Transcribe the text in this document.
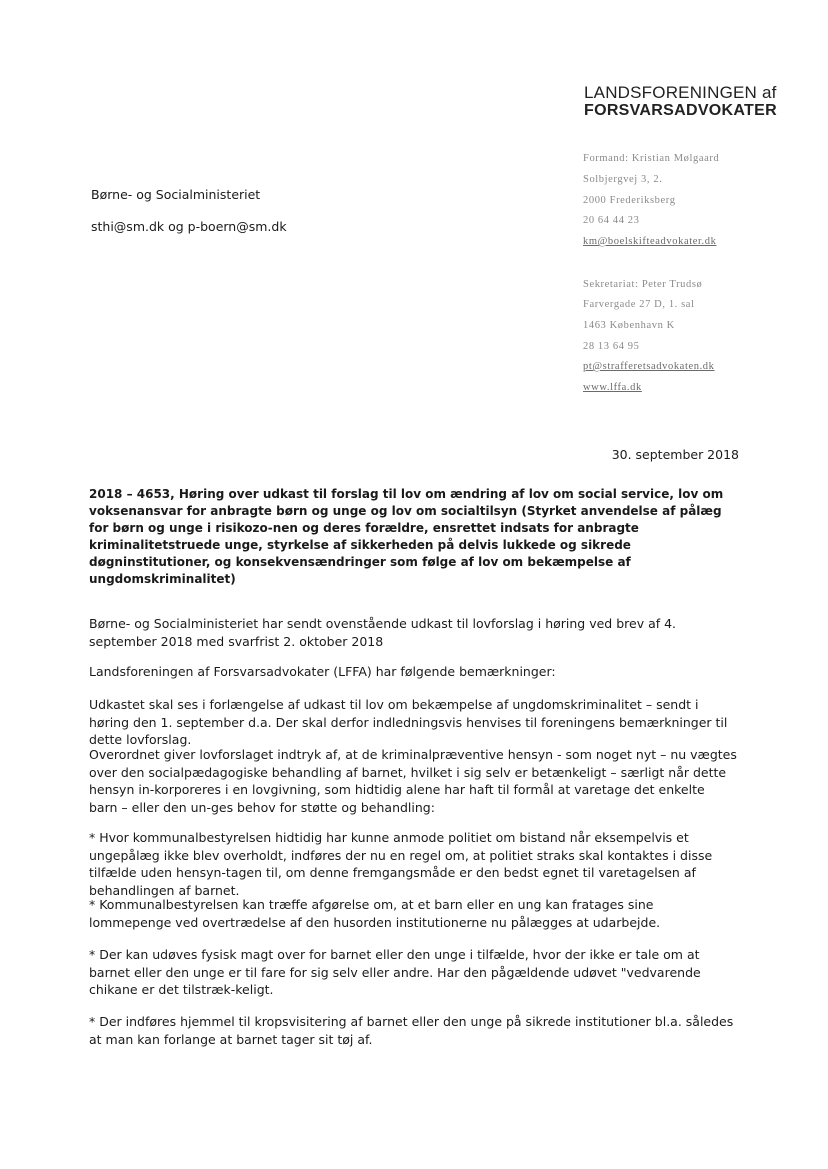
LANDSFORENINGEN af
FORSVARSADVOKATER

Formand: Kristian Mølgaard

Solbjergvej 3, 2.

2000 Frederiksberg

20 64 44 23

km@boelskifteadvokater.dk

Sekretariat: Peter Trudsø

Farvergade 27 D, 1. sal

1463 København K

28 13 64 95

pt@strafferetsadvokaten.dk

www.lffa.dk

Børne- og Socialministeriet
sthi@sm.dk og p-boern@sm.dk
30. september 2018

2018 – 4653, Høring over udkast til forslag til lov om ændring af lov om social service, lov om voksenansvar for anbragte børn og unge og lov om socialtilsyn (Styrket anvendelse af pålæg for børn og unge i risikozo-nen og deres forældre, ensrettet indsats for anbragte kriminalitetstruede unge, styrkelse af sikkerheden på delvis lukkede og sikrede døgninstitutioner, og konsekvensændringer som følge af lov om bekæmpelse af ungdomskriminalitet)

Børne- og Socialministeriet har sendt ovenstående udkast til lovforslag i høring ved brev af 4. september 2018 med svarfrist 2. oktober 2018

Landsforeningen af Forsvarsadvokater (LFFA) har følgende bemærkninger:

Udkastet skal ses i forlængelse af udkast til lov om bekæmpelse af ungdomskriminalitet – sendt i høring den 1. september d.a. Der skal derfor indledningsvis henvises til foreningens bemærkninger til dette lovforslag.

Overordnet giver lovforslaget indtryk af, at de kriminalpræventive hensyn - som noget nyt – nu vægtes over den socialpædagogiske behandling af barnet, hvilket i sig selv er betænkeligt – særligt når dette hensyn in-korporeres i en lovgivning, som hidtidig alene har haft til formål at varetage det enkelte barn – eller den un-ges behov for støtte og behandling:

* Hvor kommunalbestyrelsen hidtidig har kunne anmode politiet om bistand når eksempelvis et ungepålæg ikke blev overholdt, indføres der nu en regel om, at politiet straks skal kontaktes i disse tilfælde uden hensyn-tagen til, om denne fremgangsmåde er den bedst egnet til varetagelsen af behandlingen af barnet.

* Kommunalbestyrelsen kan træffe afgørelse om, at et barn eller en ung kan fratages sine lommepenge ved overtrædelse af den husorden institutionerne nu pålægges at udarbejde.

* Der kan udøves fysisk magt over for barnet eller den unge i tilfælde, hvor der ikke er tale om at barnet eller den unge er til fare for sig selv eller andre. Har den pågældende udøvet "vedvarende chikane er det tilstræk-keligt.

* Der indføres hjemmel til kropsvisitering af barnet eller den unge på sikrede institutioner bl.a. således at man kan forlange at barnet tager sit tøj af.
